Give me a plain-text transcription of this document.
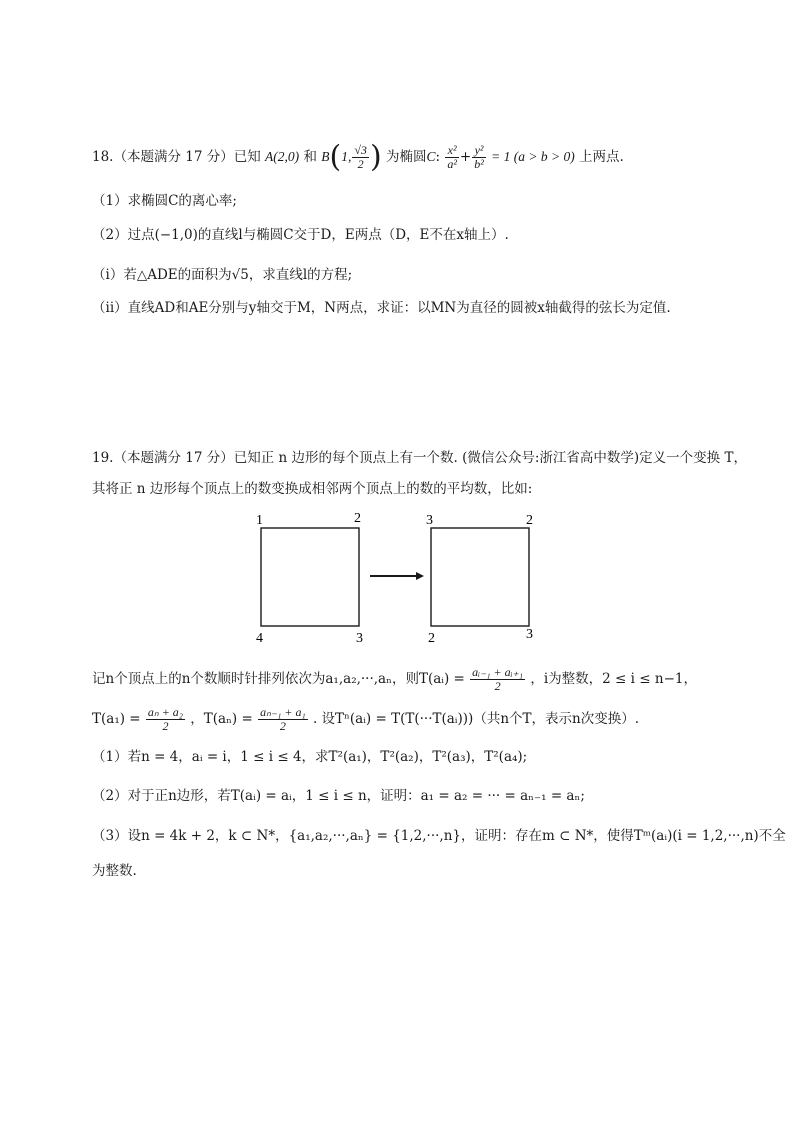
18.（本题满分 17 分）已知 A(2,0) 和 B(1, $\frac{√3}{2}$ ) 为椭圆C: $\frac{\text{x²}}{\text{a²}} + \frac{\text{y²}}{\text{b²}} = 1$ (a > b > 0) 上两点.
（1）求椭圆C的离心率;
（2）过点(−1,0)的直线l与椭圆C交于D，E两点（D，E不在x轴上）.
（i）若△ADE的面积为√5，求直线l的方程;
（ii）直线AD和AE分别与y轴交于M，N两点，求证：以MN为直径的圆被x轴截得的弦长为定值.
19.（本题满分 17 分）已知正 n 边形的每个顶点上有一个数. (微信公众号:浙江省高中数学)定义一个变换 T，
其将正 n 边形每个顶点上的数变换成相邻两个顶点上的数的平均数，比如:
1	2
4	3
3	2
2	3
记n个顶点上的n个数顺时针排列依次为a₁,a₂,···,aₙ，则T(aᵢ) = $\frac{\text{aᵢ₋₁ + aᵢ₊₁}}{2}$ ，i为整数，2 ≤ i ≤ n−1，
$T(a_1) = \frac{\text{aₙ + a₂}}{2}$ ，$T(a_n) = \frac{\text{aₙ₋₁ + a₁}}{2}$ . 设Tⁿ(aᵢ) = T(T(···T(aᵢ)))（共n个T，表示n次变换）.
（1）若n = 4，aᵢ = i，1 ≤ i ≤ 4，求T²(a₁)，T²(a₂)，T²(a₃)，T²(a₄);
（2）对于正n边形，若T(aᵢ) = aᵢ，1 ≤ i ≤ n，证明：a₁ = a₂ = ··· = aₙ₋₁ = aₙ;
（3）设n = 4k + 2，k ⊂ N*，{a₁,a₂,···,aₙ} = {1,2,···,n}，证明：存在m ⊂ N*，使得Tᵐ(aᵢ)(i = 1,2,···,n)不全
为整数.
